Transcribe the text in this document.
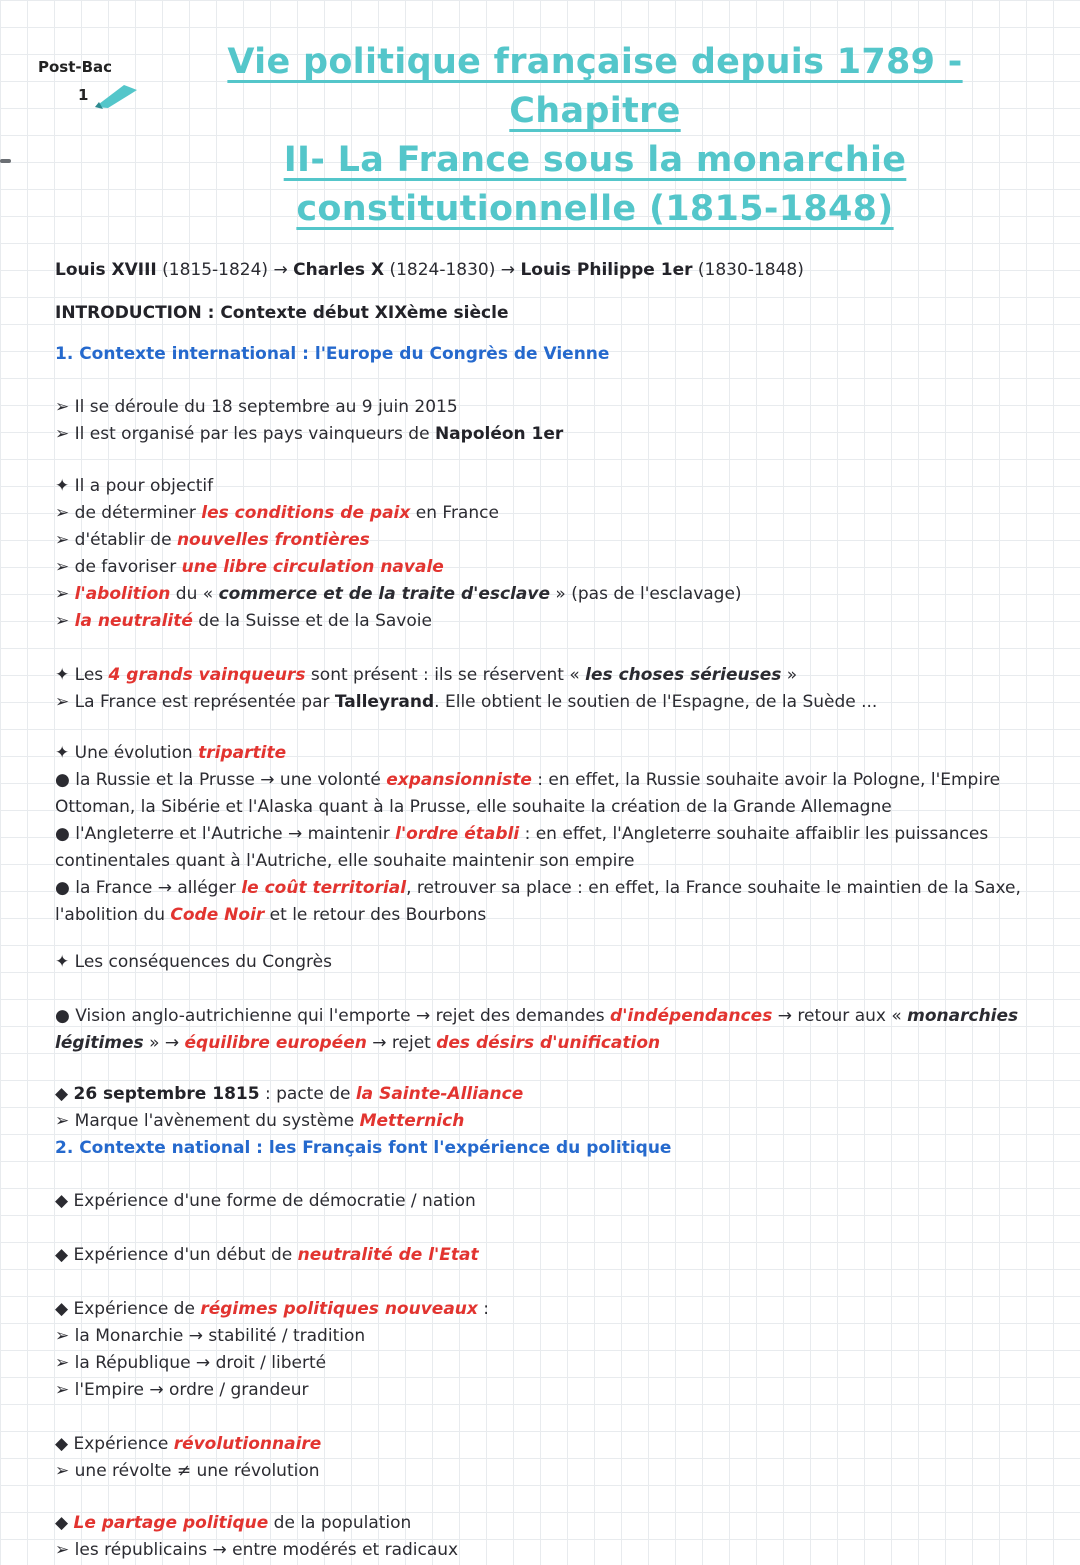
Post-Bac
1
Vie politique française depuis 1789 - Chapitre
II- La France sous la monarchie
constitutionnelle (1815-1848)
Louis XVIII (1815-1824) → Charles X (1824-1830) → Louis Philippe 1er (1830-1848)
INTRODUCTION : Contexte début XIXème siècle
1. Contexte international : l'Europe du Congrès de Vienne
➢ Il se déroule du 18 septembre au 9 juin 2015
➢ Il est organisé par les pays vainqueurs de Napoléon 1er
✦ Il a pour objectif
➢ de déterminer les conditions de paix en France
➢ d'établir de nouvelles frontières
➢ de favoriser une libre circulation navale
➢ l'abolition du « commerce et de la traite d'esclave » (pas de l'esclavage)
➢ la neutralité de la Suisse et de la Savoie
✦ Les 4 grands vainqueurs sont présent : ils se réservent « les choses sérieuses »
➢ La France est représentée par Talleyrand. Elle obtient le soutien de l'Espagne, de la Suède ...
✦ Une évolution tripartite
● la Russie et la Prusse → une volonté expansionniste : en effet, la Russie souhaite avoir la Pologne, l'Empire Ottoman, la Sibérie et l'Alaska quant à la Prusse, elle souhaite la création de la Grande Allemagne
● l'Angleterre et l'Autriche → maintenir l'ordre établi : en effet, l'Angleterre souhaite affaiblir les puissances continentales quant à l'Autriche, elle souhaite maintenir son empire
● la France → alléger le coût territorial, retrouver sa place : en effet, la France souhaite le maintien de la Saxe, l'abolition du Code Noir et le retour des Bourbons
✦ Les conséquences du Congrès
● Vision anglo-autrichienne qui l'emporte → rejet des demandes d'indépendances → retour aux « monarchies légitimes » → équilibre européen → rejet des désirs d'unification
◆ 26 septembre 1815 : pacte de la Sainte-Alliance
➢ Marque l'avènement du système Metternich
2. Contexte national : les Français font l'expérience du politique
◆ Expérience d'une forme de démocratie / nation
◆ Expérience d'un début de neutralité de l'Etat
◆ Expérience de régimes politiques nouveaux :
➢ la Monarchie → stabilité / tradition
➢ la République → droit / liberté
➢ l'Empire → ordre / grandeur
◆ Expérience révolutionnaire
➢ une révolte ≠ une révolution
◆ Le partage politique de la population
➢ les républicains → entre modérés et radicaux
